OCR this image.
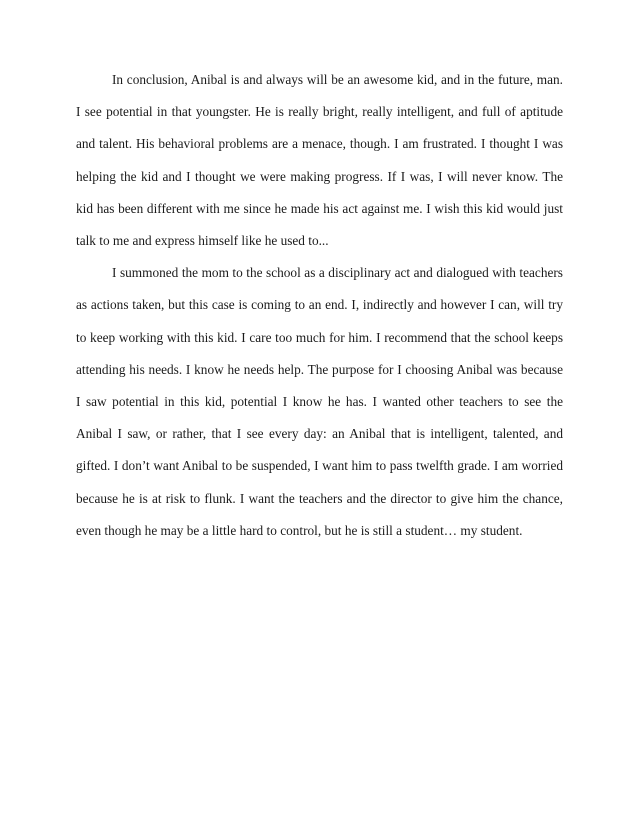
In conclusion, Anibal is and always will be an awesome kid, and in the future, man. I see potential in that youngster. He is really bright, really intelligent, and full of aptitude and talent. His behavioral problems are a menace, though. I am frustrated. I thought I was helping the kid and I thought we were making progress. If I was, I will never know. The kid has been different with me since he made his act against me. I wish this kid would just talk to me and express himself like he used to...

I summoned the mom to the school as a disciplinary act and dialogued with teachers as actions taken, but this case is coming to an end. I, indirectly and however I can, will try to keep working with this kid. I care too much for him. I recommend that the school keeps attending his needs. I know he needs help. The purpose for I choosing Anibal was because I saw potential in this kid, potential I know he has. I wanted other teachers to see the Anibal I saw, or rather, that I see every day: an Anibal that is intelligent, talented, and gifted. I don’t want Anibal to be suspended, I want him to pass twelfth grade. I am worried because he is at risk to flunk. I want the teachers and the director to give him the chance, even though he may be a little hard to control, but he is still a student… my student.
